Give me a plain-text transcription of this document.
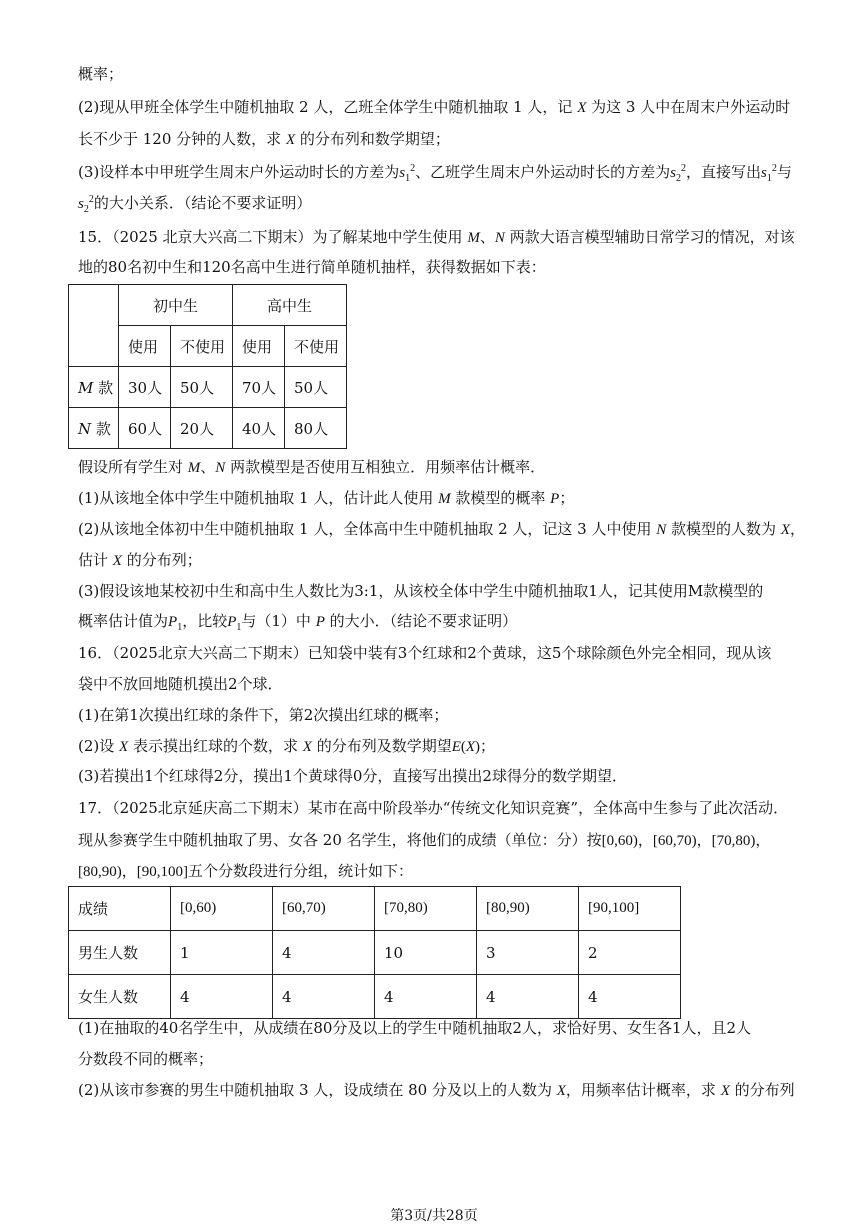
概率；
(2)现从甲班全体学生中随机抽取 2 人，乙班全体学生中随机抽取 1 人，记 X 为这 3 人中在周末户外运动时
长不少于 120 分钟的人数，求 X 的分布列和数学期望；
(3)设样本中甲班学生周末户外运动时长的方差为$s_1^2$、乙班学生周末户外运动时长的方差为$s_2^2$，直接写出$s_1^2$与
$s_2^2$的大小关系．（结论不要求证明）
15．（2025 北京大兴高二下期末）为了解某地中学生使用 M、N 两款大语言模型辅助日常学习的情况，对该
地的80名初中生和120名高中生进行简单随机抽样，获得数据如下表：
	初中生		高中生	
	使用	不使用	使用	不使用
M 款	30人	50人	70人	50人
N 款	60人	20人	40人	80人
假设所有学生对 M、N 两款模型是否使用互相独立．用频率估计概率．
(1)从该地全体中学生中随机抽取 1 人，估计此人使用 M 款模型的概率 P；
(2)从该地全体初中生中随机抽取 1 人，全体高中生中随机抽取 2 人，记这 3 人中使用 N 款模型的人数为 X，
估计 X 的分布列；
(3)假设该地某校初中生和高中生人数比为3:1，从该校全体中学生中随机抽取1人，记其使用M款模型的
概率估计值为$P_1$，比较$P_1$与（1）中 P 的大小．（结论不要求证明）
16．（2025北京大兴高二下期末）已知袋中装有3个红球和2个黄球，这5个球除颜色外完全相同，现从该
袋中不放回地随机摸出2个球．
(1)在第1次摸出红球的条件下，第2次摸出红球的概率；
(2)设 X 表示摸出红球的个数，求 X 的分布列及数学期望E(X)；
(3)若摸出1个红球得2分，摸出1个黄球得0分，直接写出摸出2球得分的数学期望．
17．（2025北京延庆高二下期末）某市在高中阶段举办“传统文化知识竞赛”，全体高中生参与了此次活动．
现从参赛学生中随机抽取了男、女各 20 名学生，将他们的成绩（单位：分）按[0,60)，[60,70)，[70,80)，
[80,90)，[90,100]五个分数段进行分组，统计如下：
成绩	[0,60)	[60,70)	[70,80)	[80,90)	[90,100]
男生人数	1	4	10	3	2
女生人数	4	4	4	4	4
(1)在抽取的40名学生中，从成绩在80分及以上的学生中随机抽取2人，求恰好男、女生各1人，且2人
分数段不同的概率；
(2)从该市参赛的男生中随机抽取 3 人，设成绩在 80 分及以上的人数为 X，用频率估计概率，求 X 的分布列
第3页/共28页
